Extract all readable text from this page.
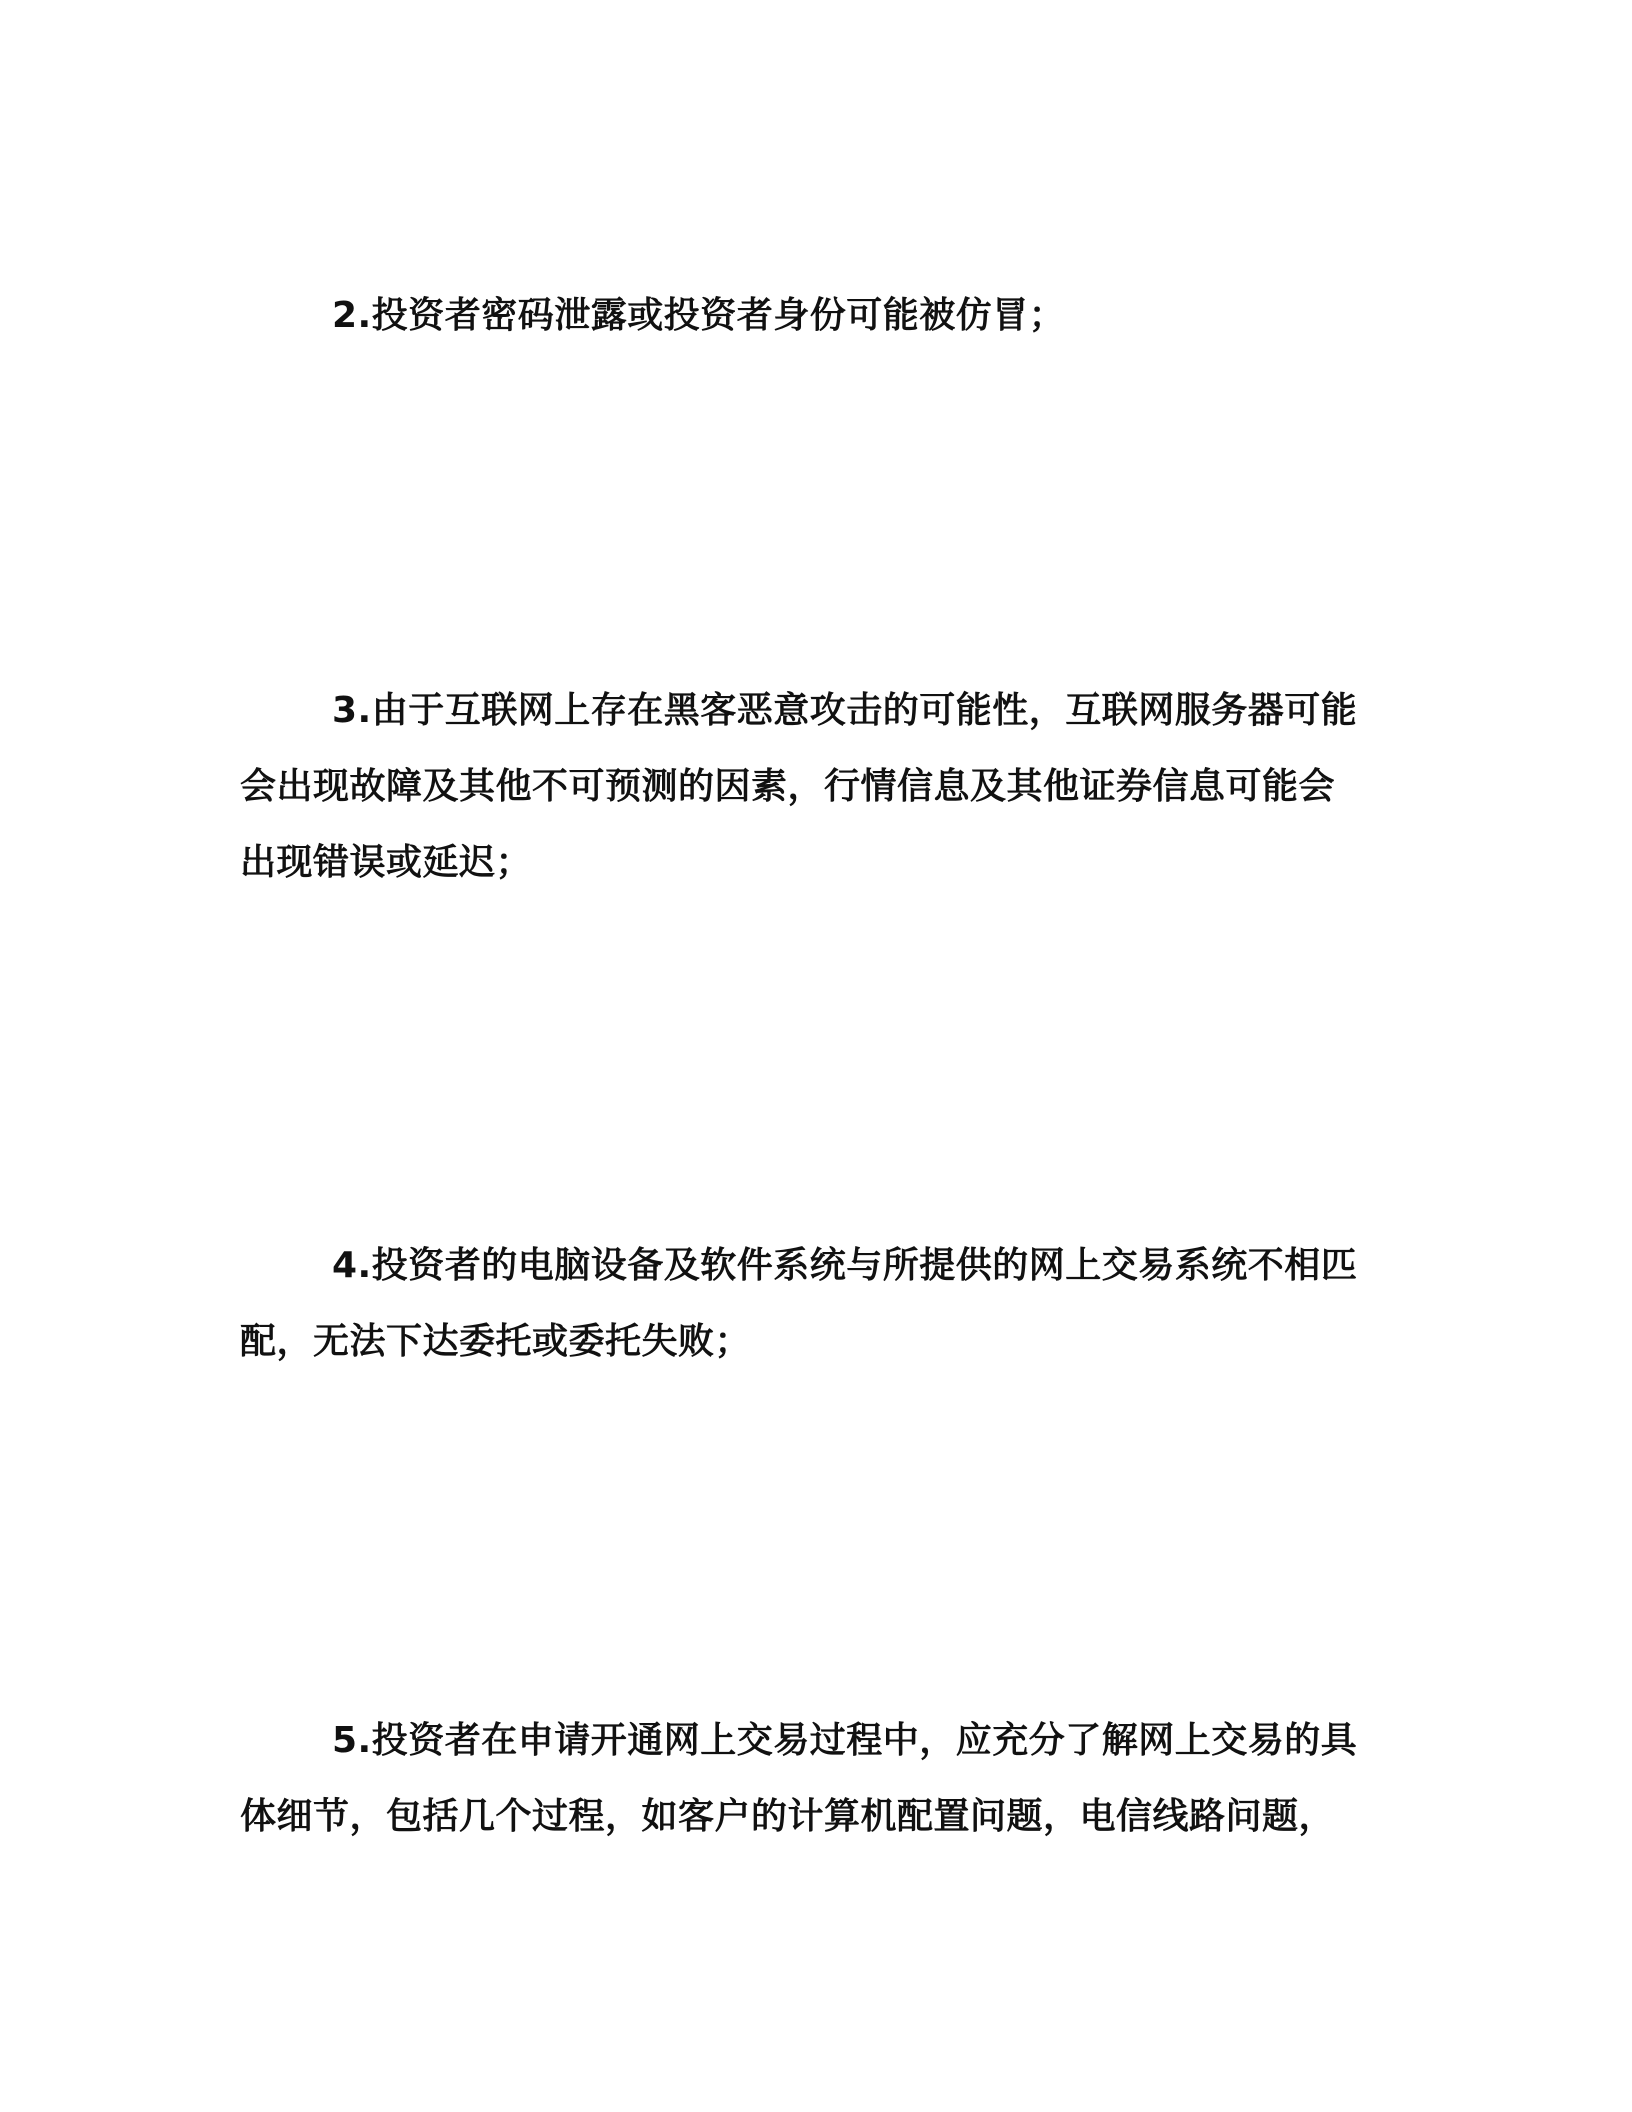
2.投资者密码泄露或投资者身份可能被仿冒；

3.由于互联网上存在黑客恶意攻击的可能性，互联网服务器可能会出现故障及其他不可预测的因素，行情信息及其他证券信息可能会出现错误或延迟；

4.投资者的电脑设备及软件系统与所提供的网上交易系统不相匹配，无法下达委托或委托失败；

5.投资者在申请开通网上交易过程中，应充分了解网上交易的具体细节，包括几个过程，如客户的计算机配置问题，电信线路问题，
